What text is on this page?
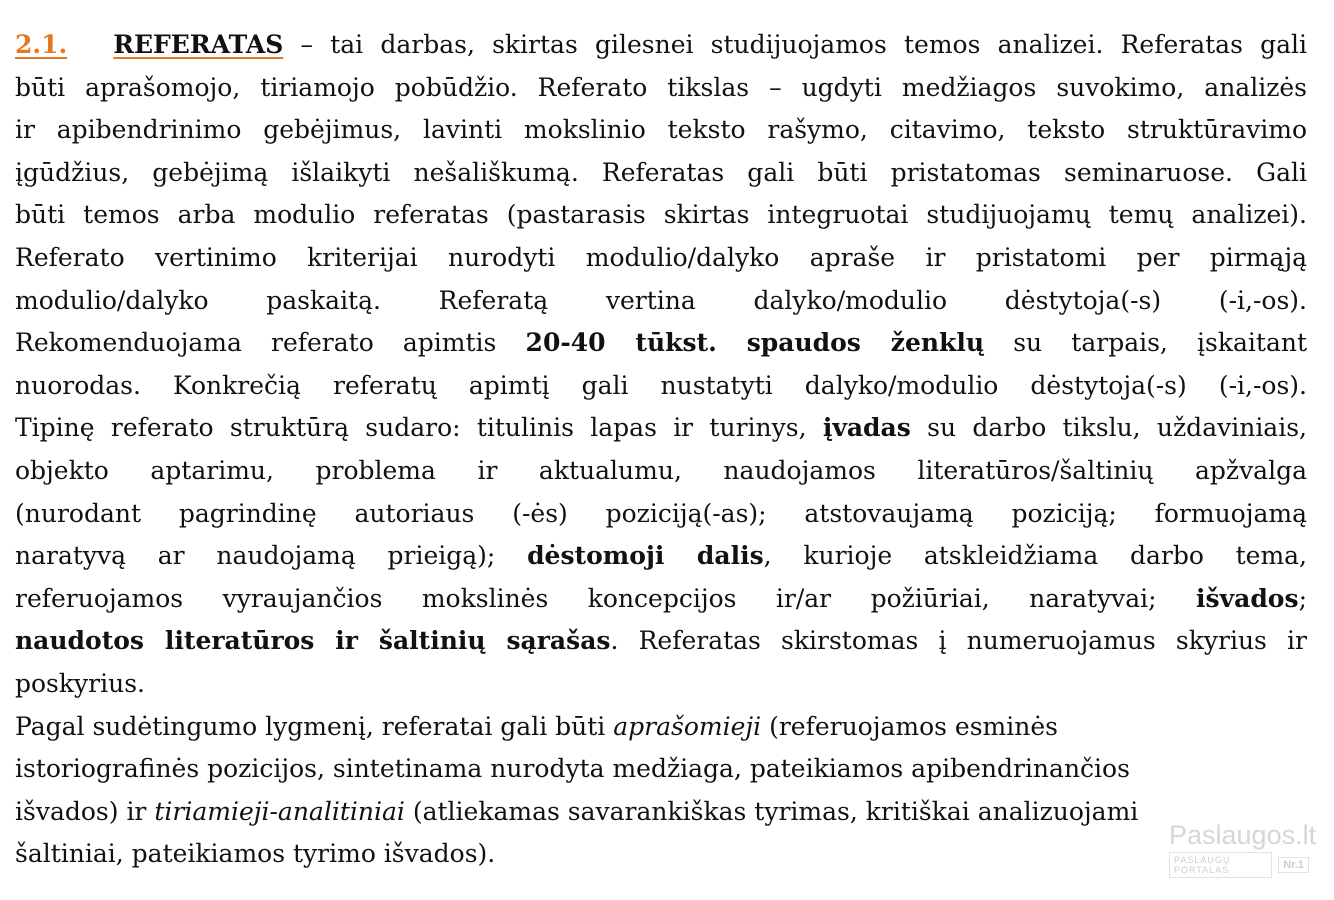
2.1. REFERATAS – tai darbas, skirtas gilesnei studijuojamos temos analizei. Referatas gali
būti aprašomojo, tiriamojo pobūdžio. Referato tikslas – ugdyti medžiagos suvokimo, analizės
ir apibendrinimo gebėjimus, lavinti mokslinio teksto rašymo, citavimo, teksto struktūravimo
įgūdžius, gebėjimą išlaikyti nešališkumą. Referatas gali būti pristatomas seminaruose. Gali
būti temos arba modulio referatas (pastarasis skirtas integruotai studijuojamų temų analizei).
Referato vertinimo kriterijai nurodyti modulio/dalyko apraše ir pristatomi per pirmąją
modulio/dalyko paskaitą. Referatą vertina dalyko/modulio dėstytoja(-s) (-i,-os).
Rekomenduojama referato apimtis 20-40 tūkst. spaudos ženklų su tarpais, įskaitant
nuorodas. Konkrečią referatų apimtį gali nustatyti dalyko/modulio dėstytoja(-s) (-i,-os).
Tipinę referato struktūrą sudaro: titulinis lapas ir turinys, įvadas su darbo tikslu, uždaviniais,
objekto aptarimu, problema ir aktualumu, naudojamos literatūros/šaltinių apžvalga
(nurodant pagrindinę autoriaus (-ės) poziciją(-as); atstovaujamą poziciją; formuojamą
naratyvą ar naudojamą prieigą); dėstomoji dalis, kurioje atskleidžiama darbo tema,
referuojamos vyraujančios mokslinės koncepcijos ir/ar požiūriai, naratyvai; išvados;
naudotos literatūros ir šaltinių sąrašas. Referatas skirstomas į numeruojamus skyrius ir
poskyrius.
Pagal sudėtingumo lygmenį, referatai gali būti aprašomieji (referuojamos esminės
istoriografinės pozicijos, sintetinama nurodyta medžiaga, pateikiamos apibendrinančios
išvados) ir tiriamieji-analitiniai (atliekamas savarankiškas tyrimas, kritiškai analizuojami
šaltiniai, pateikiamos tyrimo išvados).
Paslaugos.lt
PASLAUGŲ PORTALAS	Nr.1
